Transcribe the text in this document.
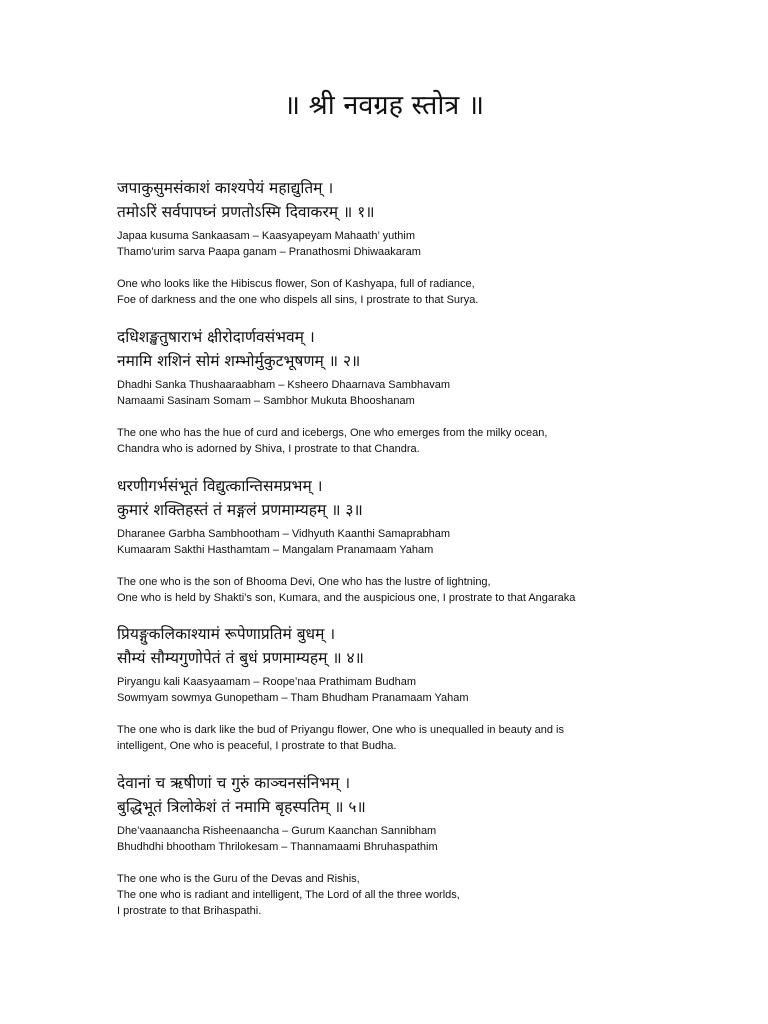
॥ श्री नवग्रह स्तोत्र ॥
जपाकुसुमसंकाशं काश्यपेयं महाद्युतिम् ।
तमोऽरिं सर्वपापघ्नं प्रणतोऽस्मि दिवाकरम् ॥ १॥
Japaa kusuma Sankaasam – Kaasyapeyam Mahaath’ yuthim
Thamo’urim sarva Paapa ganam – Pranathosmi Dhiwaakaram
One who looks like the Hibiscus flower, Son of Kashyapa, full of radiance,
Foe of darkness and the one who dispels all sins, I prostrate to that Surya.
दधिशङ्खतुषाराभं क्षीरोदार्णवसंभवम् ।
नमामि शशिनं सोमं शम्भोर्मुकुटभूषणम् ॥ २॥
Dhadhi Sanka Thushaaraabham – Ksheero Dhaarnava Sambhavam
Namaami Sasinam Somam – Sambhor Mukuta Bhooshanam
The one who has the hue of curd and icebergs, One who emerges from the milky ocean,
Chandra who is adorned by Shiva, I prostrate to that Chandra.
धरणीगर्भसंभूतं विद्युत्कान्तिसमप्रभम् ।
कुमारं शक्तिहस्तं तं मङ्गलं प्रणमाम्यहम् ॥ ३॥
Dharanee Garbha Sambhootham – Vidhyuth Kaanthi Samaprabham
Kumaaram Sakthi Hasthamtam – Mangalam Pranamaam Yaham
The one who is the son of Bhooma Devi, One who has the lustre of lightning,
One who is held by Shakti’s son, Kumara, and the auspicious one, I prostrate to that Angaraka
प्रियङ्गुकलिकाश्यामं रूपेणाप्रतिमं बुधम् ।
सौम्यं सौम्यगुणोपेतं तं बुधं प्रणमाम्यहम् ॥ ४॥
Piryangu kali Kaasyaamam – Roope’naa Prathimam Budham
Sowmyam sowmya Gunopetham – Tham Bhudham Pranamaam Yaham
The one who is dark like the bud of Priyangu flower, One who is unequalled in beauty and is
intelligent, One who is peaceful, I prostrate to that Budha.
देवानां च ऋषीणां च गुरुं काञ्चनसंनिभम् ।
बुद्धिभूतं त्रिलोकेशं तं नमामि बृहस्पतिम् ॥ ५॥
Dhe’vaanaancha Risheenaancha – Gurum Kaanchan Sannibham
Bhudhdhi bhootham Thrilokesam – Thannamaami Bhruhaspathim
The one who is the Guru of the Devas and Rishis,
The one who is radiant and intelligent, The Lord of all the three worlds,
I prostrate to that Brihaspathi.
